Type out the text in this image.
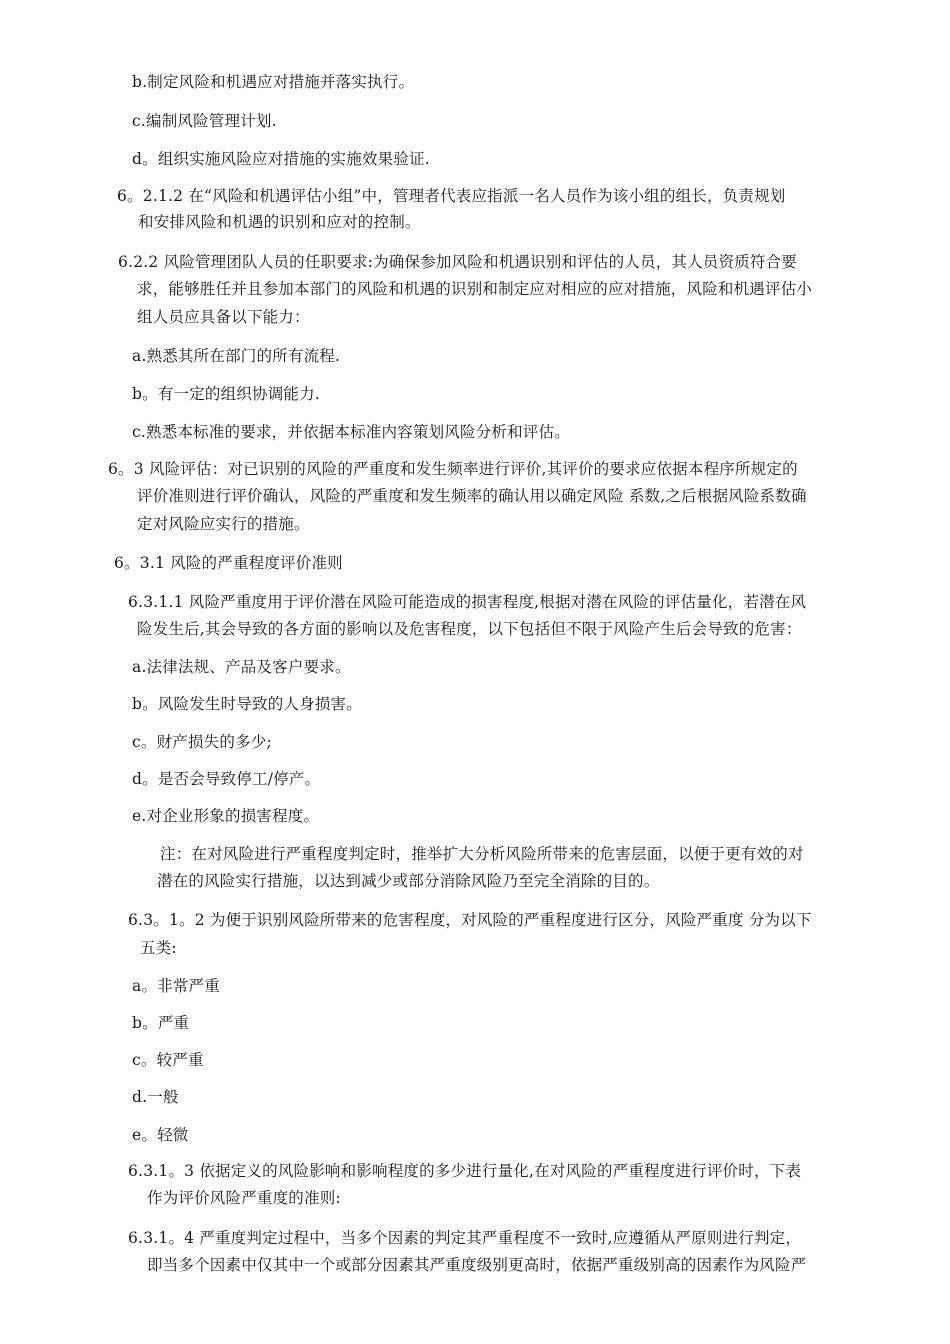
b.制定风险和机遇应对措施并落实执行。
c.编制风险管理计划.
d。组织实施风险应对措施的实施效果验证.
6。2.1.2 在“风险和机遇评估小组”中，管理者代表应指派一名人员作为该小组的组长，负责规划
和安排风险和机遇的识别和应对的控制。
6.2.2 风险管理团队人员的任职要求:为确保参加风险和机遇识别和评估的人员，其人员资质符合要
求，能够胜任并且参加本部门的风险和机遇的识别和制定应对相应的应对措施，风险和机遇评估小
组人员应具备以下能力：
a.熟悉其所在部门的所有流程.
b。有一定的组织协调能力.
c.熟悉本标准的要求，并依据本标准内容策划风险分析和评估。
6。3 风险评估：对已识别的风险的严重度和发生频率进行评价,其评价的要求应依据本程序所规定的
评价准则进行评价确认，风险的严重度和发生频率的确认用以确定风险 系数,之后根据风险系数确
定对风险应实行的措施。
6。3.1 风险的严重程度评价准则
6.3.1.1 风险严重度用于评价潜在风险可能造成的损害程度,根据对潜在风险的评估量化，若潜在风
险发生后,其会导致的各方面的影响以及危害程度，以下包括但不限于风险产生后会导致的危害：
a.法律法规、产品及客户要求。
b。风险发生时导致的人身损害。
c。财产损失的多少;
d。是否会导致停工/停产。
e.对企业形象的损害程度。
注：在对风险进行严重程度判定时，推举扩大分析风险所带来的危害层面，以便于更有效的对
潜在的风险实行措施，以达到减少或部分消除风险乃至完全消除的目的。
6.3。1。2 为便于识别风险所带来的危害程度，对风险的严重程度进行区分，风险严重度 分为以下
五类:
a。非常严重
b。严重
c。较严重
d.一般
e。轻微
6.3.1。3 依据定义的风险影响和影响程度的多少进行量化,在对风险的严重程度进行评价时，下表
作为评价风险严重度的准则:
6.3.1。4 严重度判定过程中，当多个因素的判定其严重程度不一致时,应遵循从严原则进行判定，
即当多个因素中仅其中一个或部分因素其严重度级别更高时，依据严重级别高的因素作为风险严
